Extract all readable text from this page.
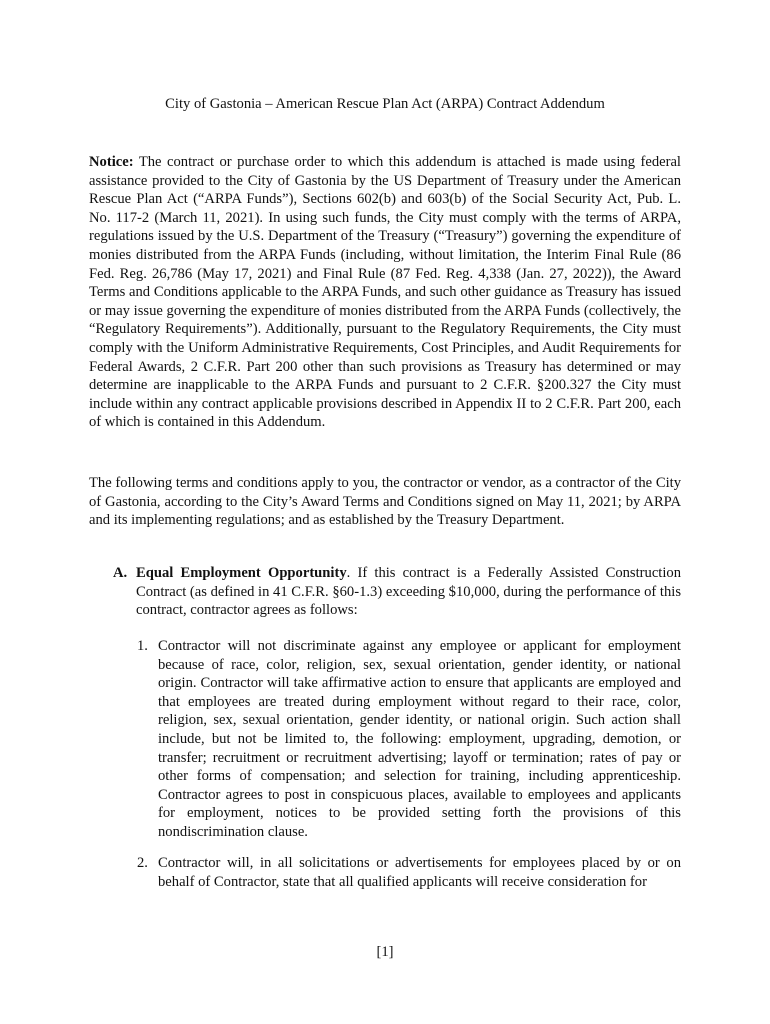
City of Gastonia – American Rescue Plan Act (ARPA) Contract Addendum

Notice: The contract or purchase order to which this addendum is attached is made using federal assistance provided to the City of Gastonia by the US Department of Treasury under the American Rescue Plan Act (“ARPA Funds”), Sections 602(b) and 603(b) of the Social Security Act, Pub. L. No. 117-2 (March 11, 2021). In using such funds, the City must comply with the terms of ARPA, regulations issued by the U.S. Department of the Treasury (“Treasury”) governing the expenditure of monies distributed from the ARPA Funds (including, without limitation, the Interim Final Rule (86 Fed. Reg. 26,786 (May 17, 2021) and Final Rule (87 Fed. Reg. 4,338 (Jan. 27, 2022)), the Award Terms and Conditions applicable to the ARPA Funds, and such other guidance as Treasury has issued or may issue governing the expenditure of monies distributed from the ARPA Funds (collectively, the “Regulatory Requirements”). Additionally, pursuant to the Regulatory Requirements, the City must comply with the Uniform Administrative Requirements, Cost Principles, and Audit Requirements for Federal Awards, 2 C.F.R. Part 200 other than such provisions as Treasury has determined or may determine are inapplicable to the ARPA Funds and pursuant to 2 C.F.R. §200.327 the City must include within any contract applicable provisions described in Appendix II to 2 C.F.R. Part 200, each of which is contained in this Addendum.

The following terms and conditions apply to you, the contractor or vendor, as a contractor of the City of Gastonia, according to the City’s Award Terms and Conditions signed on May 11, 2021; by ARPA and its implementing regulations; and as established by the Treasury Department.

A. Equal Employment Opportunity. If this contract is a Federally Assisted Construction Contract (as defined in 41 C.F.R. §60-1.3) exceeding $10,000, during the performance of this contract, contractor agrees as follows:

1. Contractor will not discriminate against any employee or applicant for employment because of race, color, religion, sex, sexual orientation, gender identity, or national origin. Contractor will take affirmative action to ensure that applicants are employed and that employees are treated during employment without regard to their race, color, religion, sex, sexual orientation, gender identity, or national origin. Such action shall include, but not be limited to, the following: employment, upgrading, demotion, or transfer; recruitment or recruitment advertising; layoff or termination; rates of pay or other forms of compensation; and selection for training, including apprenticeship. Contractor agrees to post in conspicuous places, available to employees and applicants for employment, notices to be provided setting forth the provisions of this nondiscrimination clause.

2. Contractor will, in all solicitations or advertisements for employees placed by or on behalf of Contractor, state that all qualified applicants will receive consideration for

[1]
